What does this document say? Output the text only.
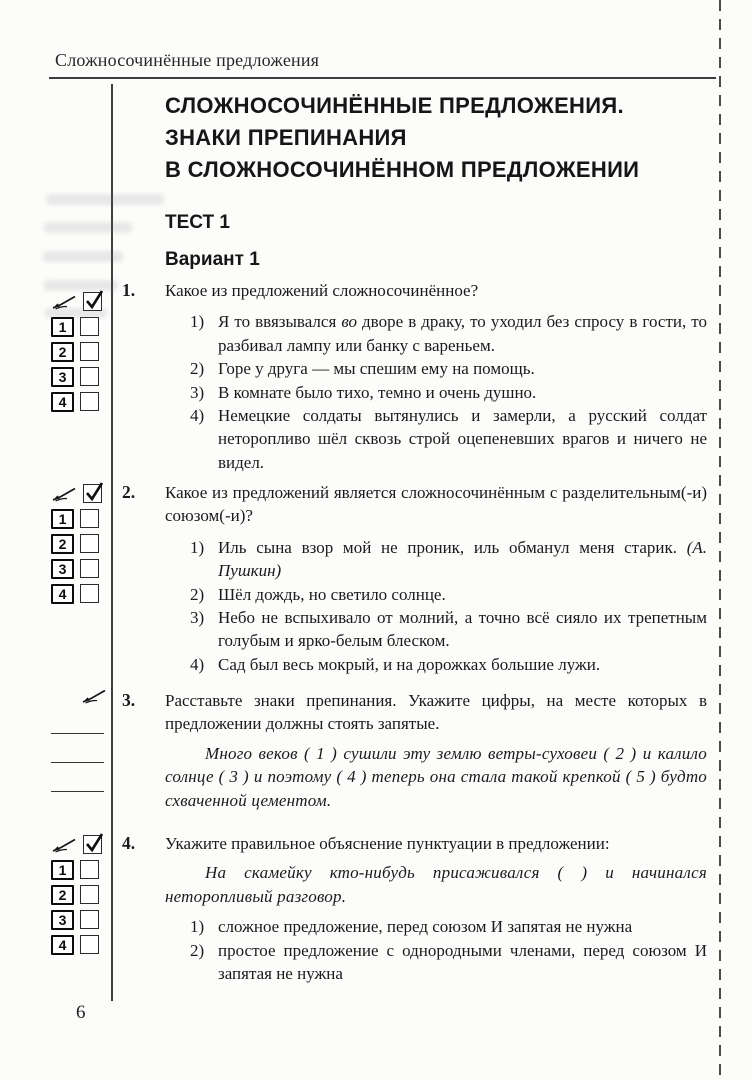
Сложносочинённые предложения
СЛОЖНОСОЧИНЁННЫЕ ПРЕДЛОЖЕНИЯ.
ЗНАКИ ПРЕПИНАНИЯ
В СЛОЖНОСОЧИНЁННОМ ПРЕДЛОЖЕНИИ
ТЕСТ 1
Вариант 1
1
2
3
4
1
2
3
4
1
2
3
4
1. Какое из предложений сложносочинённое?

1) Я то ввязывался во дворе в драку, то уходил без спросу в гости, то разбивал лампу или банку с вареньем.
2) Горе у друга — мы спешим ему на помощь.
3) В комнате было тихо, темно и очень душно.
4) Немецкие солдаты вытянулись и замерли, а русский солдат неторопливо шёл сквозь строй оцепеневших врагов и ничего не видел.
2. Какое из предложений является сложносочинённым с разделительным(-и) союзом(-и)?

1) Иль сына взор мой не проник, иль обманул меня старик. (А. Пушкин)
2) Шёл дождь, но светило солнце.
3) Небо не вспыхивало от молний, а точно всё сияло их трепетным голубым и ярко-белым блеском.
4) Сад был весь мокрый, и на дорожках большие лужи.
3. Расставьте знаки препинания. Укажите цифры, на месте которых в предложении должны стоять запятые.

Много веков ( 1 ) сушили эту землю ветры-суховеи ( 2 ) и калило солнце ( 3 ) и поэтому ( 4 ) теперь она стала такой крепкой ( 5 ) будто схваченной цементом.

4. Укажите правильное объяснение пунктуации в предложении:

На скамейку кто-нибудь присаживался ( ) и начинался неторопливый разговор.

1) сложное предложение, перед союзом И запятая не нужна
2) простое предложение с однородными членами, перед союзом И запятая не нужна
6
